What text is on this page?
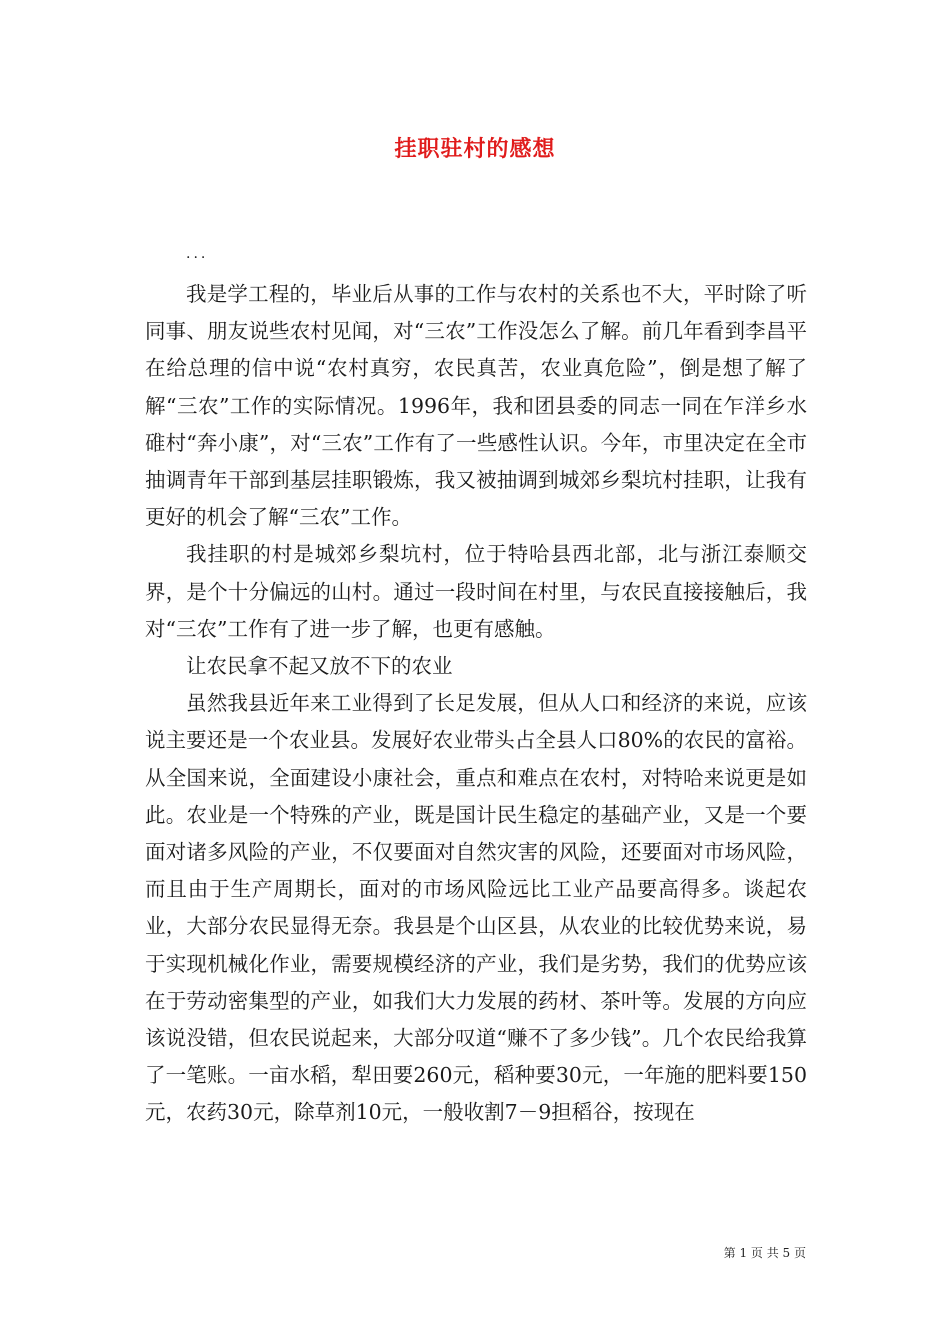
挂职驻村的感想

...

我是学工程的，毕业后从事的工作与农村的关系也不大，平时除了听同事、朋友说些农村见闻，对“三农”工作没怎么了解。前几年看到李昌平在给总理的信中说“农村真穷，农民真苦，农业真危险”，倒是想了解了解“三农”工作的实际情况。1996年，我和团县委的同志一同在乍洋乡水碓村“奔小康”，对“三农”工作有了一些感性认识。今年，市里决定在全市抽调青年干部到基层挂职锻炼，我又被抽调到城郊乡梨坑村挂职，让我有更好的机会了解“三农”工作。

我挂职的村是城郊乡梨坑村，位于特哈县西北部，北与浙江泰顺交界，是个十分偏远的山村。通过一段时间在村里，与农民直接接触后，我对“三农”工作有了进一步了解，也更有感触。

让农民拿不起又放不下的农业

虽然我县近年来工业得到了长足发展，但从人口和经济的来说，应该说主要还是一个农业县。发展好农业带头占全县人口80%的农民的富裕。从全国来说，全面建设小康社会，重点和难点在农村，对特哈来说更是如此。农业是一个特殊的产业，既是国计民生稳定的基础产业，又是一个要面对诸多风险的产业，不仅要面对自然灾害的风险，还要面对市场风险，而且由于生产周期长，面对的市场风险远比工业产品要高得多。谈起农业，大部分农民显得无奈。我县是个山区县，从农业的比较优势来说，易于实现机械化作业，需要规模经济的产业，我们是劣势，我们的优势应该在于劳动密集型的产业，如我们大力发展的药材、茶叶等。发展的方向应该说没错，但农民说起来，大部分叹道“赚不了多少钱”。几个农民给我算了一笔账。一亩水稻，犁田要260元，稻种要30元，一年施的肥料要150元，农药30元，除草剂10元，一般收割7－9担稻谷，按现在

第 1 页 共 5 页
